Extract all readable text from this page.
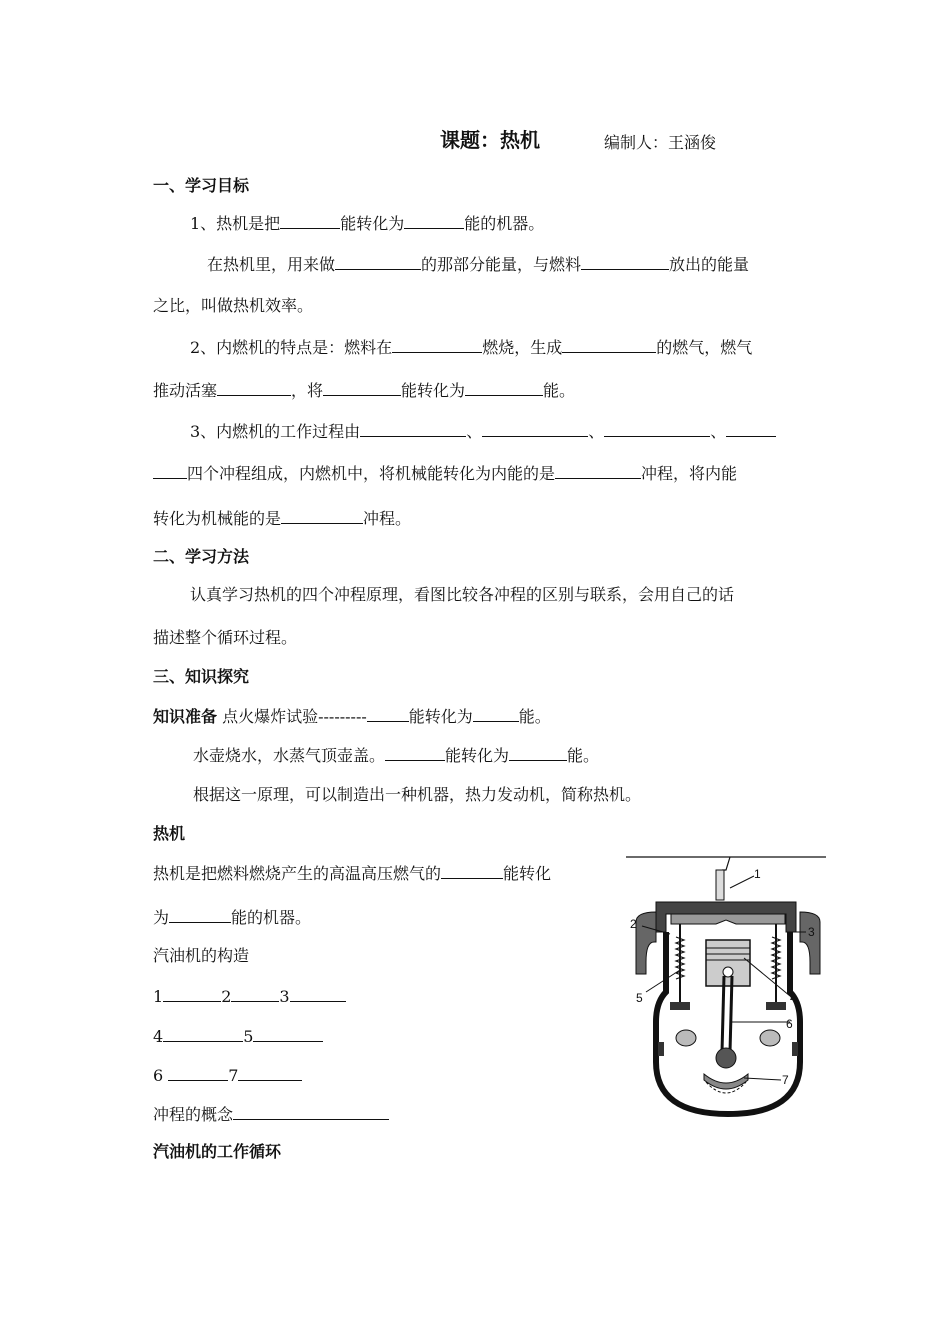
课题：热机	编制人：王涵俊
一、学习目标
1、热机是把	能转化为	能的机器。
在热机里，用来做	的那部分能量，与燃料	放出的能量
之比，叫做热机效率。
2、内燃机的特点是：燃料在	燃烧，生成	的燃气，燃气
推动活塞	，将	能转化为	能。
3、内燃机的工作过程由	、	、	、
四个冲程组成，内燃机中，将机械能转化为内能的是	冲程，将内能
转化为机械能的是	冲程。
二、学习方法
认真学习热机的四个冲程原理，看图比较各冲程的区别与联系，会用自己的话
描述整个循环过程。
三、知识探究
知识准备 点火爆炸试验---------	能转化为	能。
水壶烧水，水蒸气顶壶盖。	能转化为	能。
根据这一原理，可以制造出一种机器，热力发动机，简称热机。
热机
热机是把燃料燃烧产生的高温高压燃气的	能转化
为	能的机器。
汽油机的构造
1	2	3
4	5
6	7
冲程的概念
汽油机的工作循环
1
2
3
4
5
6
7
